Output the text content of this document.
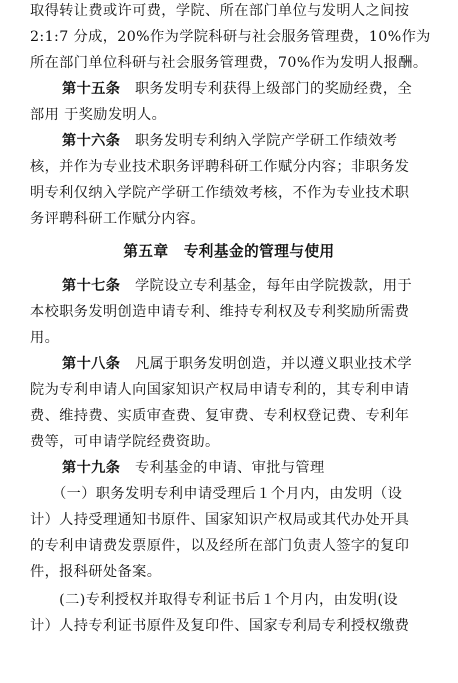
取得转让费或许可费，学院、所在部门单位与发明人之间按
2:1:7 分成，20%作为学院科研与社会服务管理费，10%作为
所在部门单位科研与社会服务管理费，70%作为发明人报酬。
第十五条　职务发明专利获得上级部门的奖励经费，全
部用 于奖励发明人。
第十六条　职务发明专利纳入学院产学研工作绩效考
核，并作为专业技术职务评聘科研工作赋分内容；非职务发
明专利仅纳入学院产学研工作绩效考核，不作为专业技术职
务评聘科研工作赋分内容。
第五章　专利基金的管理与使用
第十七条　学院设立专利基金，每年由学院拨款，用于
本校职务发明创造申请专利、维持专利权及专利奖励所需费
用。
第十八条　凡属于职务发明创造，并以遵义职业技术学
院为专利申请人向国家知识产权局申请专利的，其专利申请
费、维持费、实质审查费、复审费、专利权登记费、专利年
费等，可申请学院经费资助。
第十九条　专利基金的申请、审批与管理
　　（一）职务发明专利申请受理后１个月内，由发明（设
计）人持受理通知书原件、国家知识产权局或其代办处开具
的专利申请费发票原件，以及经所在部门负责人签字的复印
件，报科研处备案。
　　(二)专利授权并取得专利证书后１个月内，由发明(设
计）人持专利证书原件及复印件、国家专利局专利授权缴费
